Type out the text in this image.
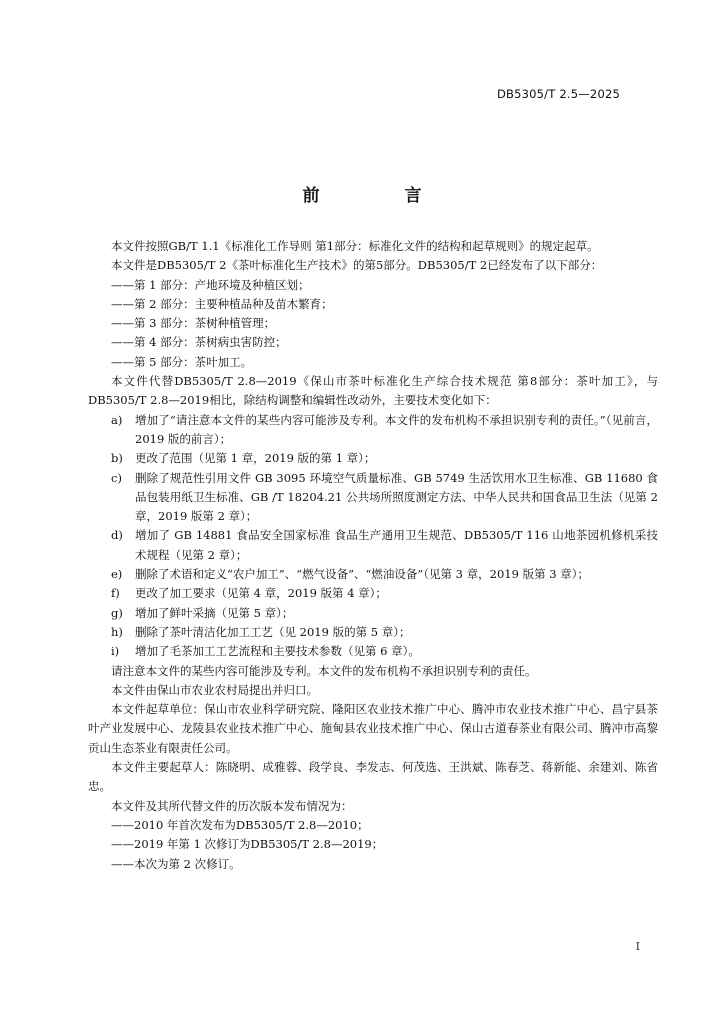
DB5305/T 2.5—2025
前　言

本文件按照GB/T 1.1《标准化工作导则 第1部分：标准化文件的结构和起草规则》的规定起草。

本文件是DB5305/T 2《茶叶标准化生产技术》的第5部分。DB5305/T 2已经发布了以下部分：

——第 1 部分：产地环境及种植区划；

——第 2 部分：主要种植品种及苗木繁育；

——第 3 部分：茶树种植管理；

——第 4 部分：茶树病虫害防控；

——第 5 部分：茶叶加工。

本文件代替DB5305/T 2.8—2019《保山市茶叶标准化生产综合技术规范 第8部分：茶叶加工》，与DB5305/T 2.8—2019相比，除结构调整和编辑性改动外，主要技术变化如下：

a)	增加了“请注意本文件的某些内容可能涉及专利。本文件的发布机构不承担识别专利的责任。”（见前言，2019 版的前言）；
b)	更改了范围（见第 1 章，2019 版的第 1 章）；
c)	删除了规范性引用文件 GB 3095 环境空气质量标准、GB 5749 生活饮用水卫生标准、GB 11680 食品包装用纸卫生标准、GB /T 18204.21 公共场所照度测定方法、中华人民共和国食品卫生法（见第 2 章，2019 版第 2 章）；
d)	增加了 GB 14881 食品安全国家标准 食品生产通用卫生规范、DB5305/T 116 山地茶园机修机采技术规程（见第 2 章）；
e)	删除了术语和定义“农户加工”、“燃气设备”、“燃油设备”（见第 3 章，2019 版第 3 章）；
f)	更改了加工要求（见第 4 章，2019 版第 4 章）；
g)	增加了鲜叶采摘（见第 5 章）；
h)	删除了茶叶清洁化加工工艺（见 2019 版的第 5 章）；
i)	增加了毛茶加工工艺流程和主要技术参数（见第 6 章）。

请注意本文件的某些内容可能涉及专利。本文件的发布机构不承担识别专利的责任。

本文件由保山市农业农村局提出并归口。

本文件起草单位：保山市农业科学研究院、隆阳区农业技术推广中心、腾冲市农业技术推广中心、昌宁县茶叶产业发展中心、龙陵县农业技术推广中心、施甸县农业技术推广中心、保山古道春茶业有限公司、腾冲市高黎贡山生态茶业有限责任公司。

本文件主要起草人：陈晓明、成雅蓉、段学良、李发志、何茂选、王洪斌、陈春芝、蒋新能、余建刘、陈省忠。

本文件及其所代替文件的历次版本发布情况为：

——2010 年首次发布为DB5305/T 2.8—2010；

——2019 年第 1 次修订为DB5305/T 2.8—2019；

——本次为第 2 次修订。

I
